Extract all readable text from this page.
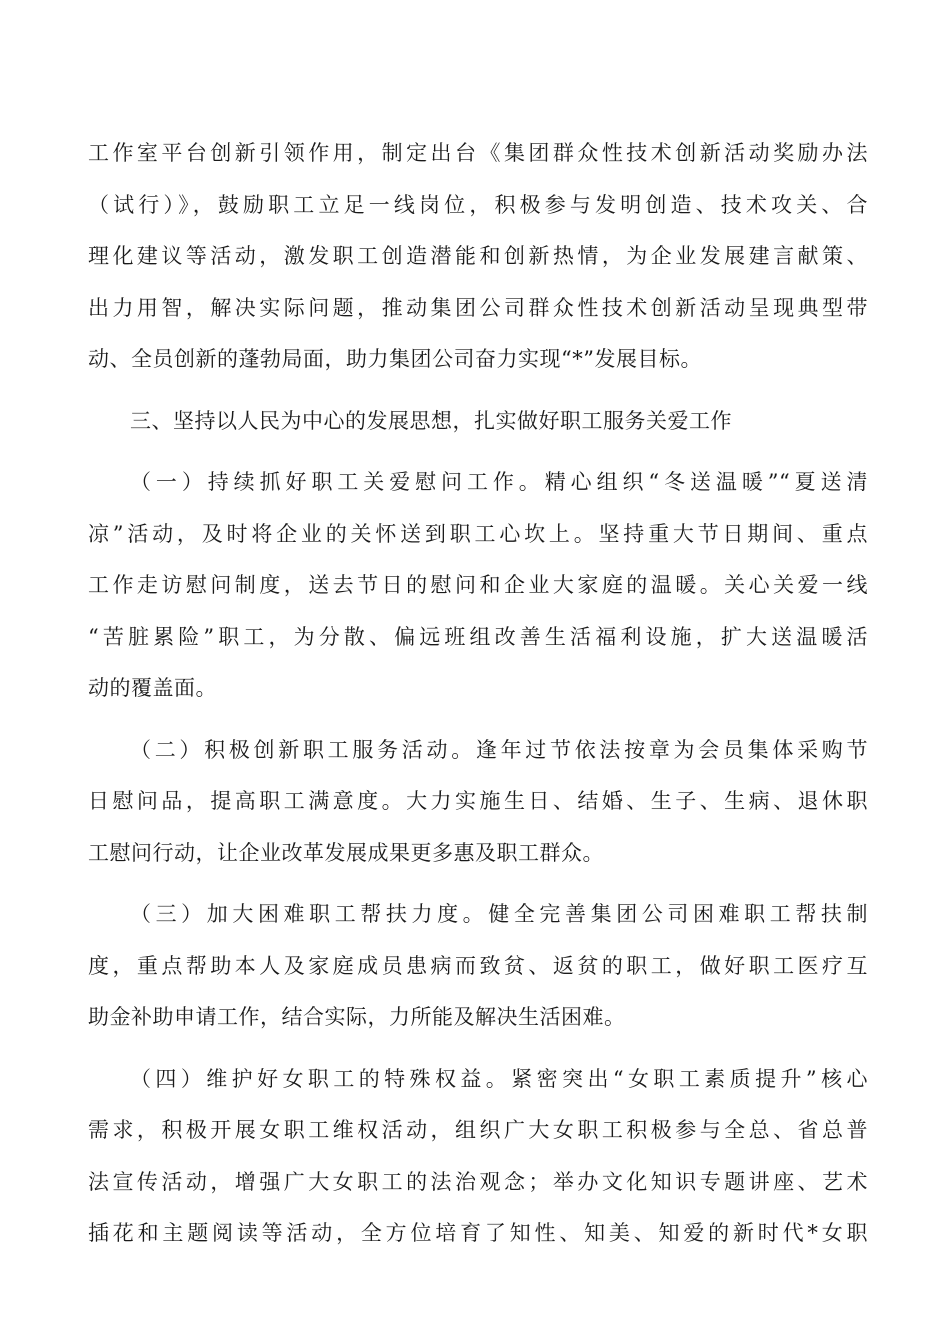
工作室平台创新引领作用，制定出台《集团群众性技术创新活动奖励办法
（试行）》，鼓励职工立足一线岗位，积极参与发明创造、技术攻关、合
理化建议等活动，激发职工创造潜能和创新热情，为企业发展建言献策、
出力用智，解决实际问题，推动集团公司群众性技术创新活动呈现典型带
动、全员创新的蓬勃局面，助力集团公司奋力实现“*”发展目标。
三、坚持以人民为中心的发展思想，扎实做好职工服务关爱工作
（一）持续抓好职工关爱慰问工作。精心组织“冬送温暖”“夏送清
凉”活动，及时将企业的关怀送到职工心坎上。坚持重大节日期间、重点
工作走访慰问制度，送去节日的慰问和企业大家庭的温暖。关心关爱一线
“苦脏累险”职工，为分散、偏远班组改善生活福利设施，扩大送温暖活
动的覆盖面。
（二）积极创新职工服务活动。逢年过节依法按章为会员集体采购节
日慰问品，提高职工满意度。大力实施生日、结婚、生子、生病、退休职
工慰问行动，让企业改革发展成果更多惠及职工群众。
（三）加大困难职工帮扶力度。健全完善集团公司困难职工帮扶制
度，重点帮助本人及家庭成员患病而致贫、返贫的职工，做好职工医疗互
助金补助申请工作，结合实际，力所能及解决生活困难。
（四）维护好女职工的特殊权益。紧密突出“女职工素质提升”核心
需求，积极开展女职工维权活动，组织广大女职工积极参与全总、省总普
法宣传活动，增强广大女职工的法治观念；举办文化知识专题讲座、艺术
插花和主题阅读等活动，全方位培育了知性、知美、知爱的新时代*女职
